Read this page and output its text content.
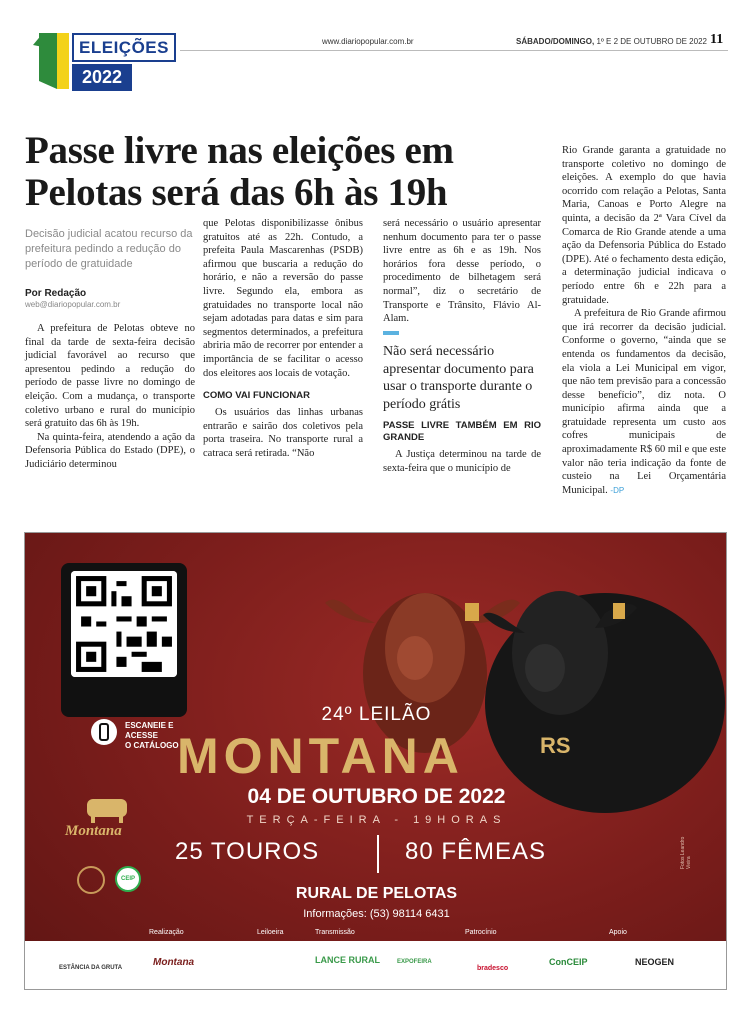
ELEIÇÕES
2022
www.diariopopular.com.br	SÁBADO/DOMINGO, 1º E 2 DE OUTUBRO DE 2022 11
Passe livre nas eleições em Pelotas será das 6h às 19h
Decisão judicial acatou recurso da prefeitura pedindo a redução do período de gratuidade
Por Redação
web@diariopopular.com.br

A prefeitura de Pelotas obteve no final da tarde de sexta-feira decisão judicial favorável ao recurso que apresentou pedindo a redução do período de passe livre no domingo de eleição. Com a mudança, o transporte coletivo urbano e rural do município será gratuito das 6h às 19h.

Na quinta-feira, atendendo a ação da Defensoria Pública do Estado (DPE), o Judiciário determinou

que Pelotas disponibilizasse ônibus gratuitos até as 22h. Contudo, a prefeita Paula Mascarenhas (PSDB) afirmou que buscaria a redução do horário, e não a reversão do passe livre. Segundo ela, embora as gratuidades no transporte local não sejam adotadas para datas e sim para segmentos determinados, a prefeitura abriria mão de recorrer por entender a importância de se facilitar o acesso dos eleitores aos locais de votação.

COMO VAI FUNCIONAR

Os usuários das linhas urbanas entrarão e sairão dos coletivos pela porta traseira. No transporte rural a catraca será retirada. “Não

será necessário o usuário apresentar nenhum documento para ter o passe livre entre as 6h e as 19h. Nos horários fora desse período, o procedimento de bilhetagem será normal”, diz o secretário de Transporte e Trânsito, Flávio Al-Alam.

Não será necessário apresentar documento para usar o transporte durante o período grátis

PASSE LIVRE TAMBÉM EM RIO GRANDE

A Justiça determinou na tarde de sexta-feira que o município de

Rio Grande garanta a gratuidade no transporte coletivo no domingo de eleições. A exemplo do que havia ocorrido com relação a Pelotas, Santa Maria, Canoas e Porto Alegre na quinta, a decisão da 2ª Vara Cível da Comarca de Rio Grande atende a uma ação da Defensoria Pública do Estado (DPE). Até o fechamento desta edição, a determinação judicial indicava o período entre 6h e 22h para a gratuidade.

A prefeitura de Rio Grande afirmou que irá recorrer da decisão judicial. Conforme o governo, “ainda que se entenda os fundamentos da decisão, ela viola a Lei Municipal em vigor, que não tem previsão para a concessão desse benefício”, diz nota. O município afirma ainda que a gratuidade representa um custo aos cofres municipais de aproximadamente R$ 60 mil e que este valor não teria indicação da fonte de custeio na Lei Orçamentária Municipal. -DP

ESCANEIE E ACESSE
O CATÁLOGO
24º LEILÃO
MONTANA	RS
04 DE OUTUBRO DE 2022
TERÇA-FEIRA - 19HORAS
25 TOUROS	80 FÊMEAS
RURAL DE PELOTAS
Informações: (53) 98114 6431
Montana
CEIP
Fotos Leandro Vieira
Realização	Leiloeira	Transmissão	Patrocínio	Apoio
ESTÂNCIA DA GRUTA	Montana	LANCE RURAL	EXPOFEIRA
bradesco
ConCEIP	NEOGEN
